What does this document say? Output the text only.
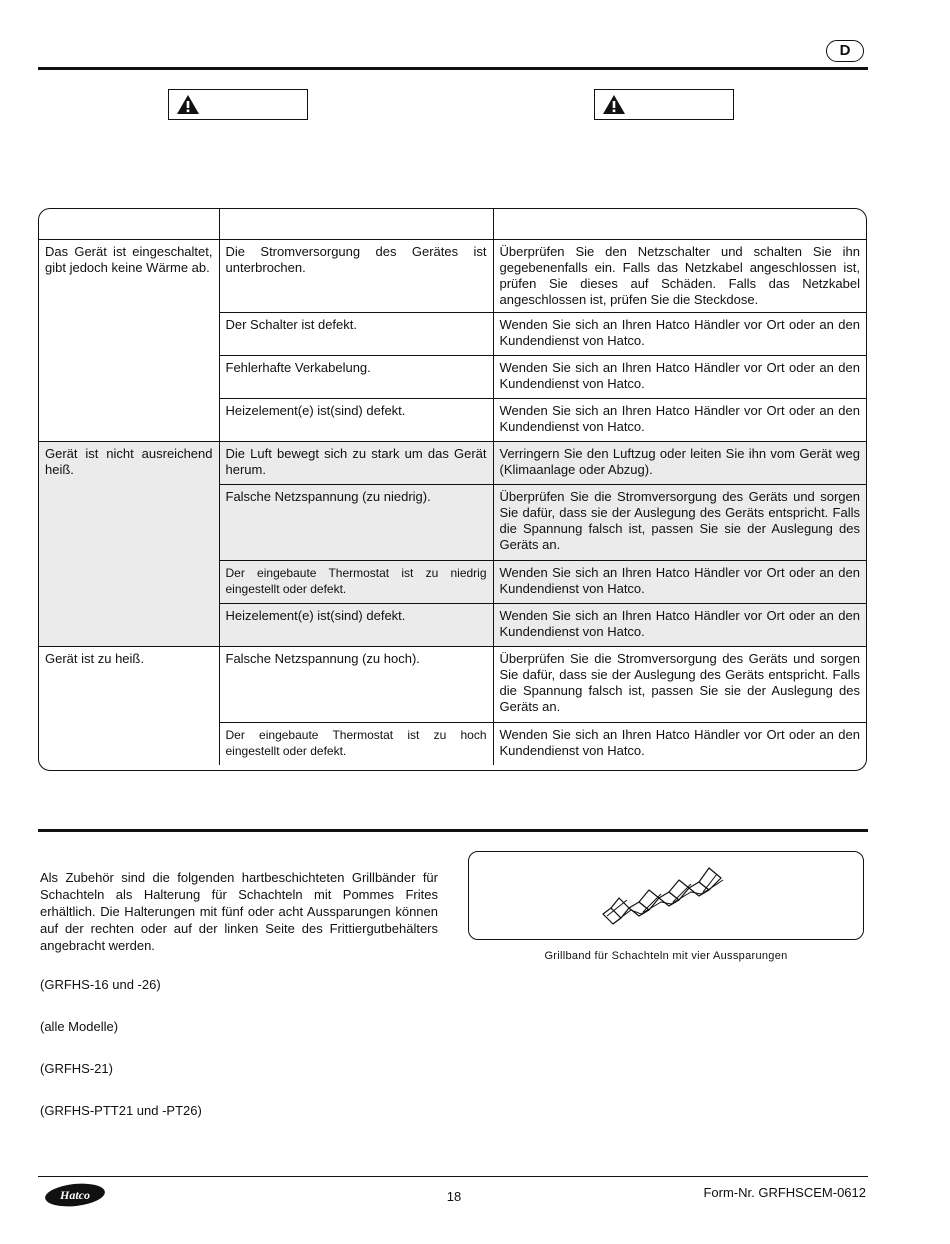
D

Das Gerät ist eingeschaltet, gibt jedoch keine Wärme ab.	Die Stromversorgung des Gerätes ist unterbrochen.	Überprüfen Sie den Netzschalter und schalten Sie ihn gegebenenfalls ein. Falls das Netzkabel angeschlossen ist, prüfen Sie dieses auf Schäden. Falls das Netzkabel angeschlossen ist, prüfen Sie die Steckdose.
	Der Schalter ist defekt.	Wenden Sie sich an Ihren Hatco Händler vor Ort oder an den Kundendienst von Hatco.
	Fehlerhafte Verkabelung.	Wenden Sie sich an Ihren Hatco Händler vor Ort oder an den Kundendienst von Hatco.
	Heizelement(e) ist(sind) defekt.	Wenden Sie sich an Ihren Hatco Händler vor Ort oder an den Kundendienst von Hatco.
Gerät ist nicht ausreichend heiß.	Die Luft bewegt sich zu stark um das Gerät herum.	Verringern Sie den Luftzug oder leiten Sie ihn vom Gerät weg (Klimaanlage oder Abzug).
	Falsche Netzspannung (zu niedrig).	Überprüfen Sie die Stromversorgung des Geräts und sorgen Sie dafür, dass sie der Auslegung des Geräts entspricht. Falls die Spannung falsch ist, passen Sie sie der Auslegung des Geräts an.
	Der eingebaute Thermostat ist zu niedrig eingestellt oder defekt.	Wenden Sie sich an Ihren Hatco Händler vor Ort oder an den Kundendienst von Hatco.
	Heizelement(e) ist(sind) defekt.	Wenden Sie sich an Ihren Hatco Händler vor Ort oder an den Kundendienst von Hatco.
Gerät ist zu heiß.	Falsche Netzspannung (zu hoch).	Überprüfen Sie die Stromversorgung des Geräts und sorgen Sie dafür, dass sie der Auslegung des Geräts entspricht. Falls die Spannung falsch ist, passen Sie sie der Auslegung des Geräts an.
	Der eingebaute Thermostat ist zu hoch eingestellt oder defekt.	Wenden Sie sich an Ihren Hatco Händler vor Ort oder an den Kundendienst von Hatco.
Als Zubehör sind die folgenden hartbeschichteten Grillbänder für Schachteln als Halterung für Schachteln mit Pommes Frites erhältlich. Die Halterungen mit fünf oder acht Aussparungen können auf der rechten oder auf der linken Seite des Frittiergutbehälters angebracht werden.
(GRFHS-16 und -26)
(alle Modelle)
(GRFHS-21)
(GRFHS-PTT21 und -PT26)
Grillband für Schachteln mit vier Aussparungen
Hatco	18	Form-Nr. GRFHSCEM-0612
